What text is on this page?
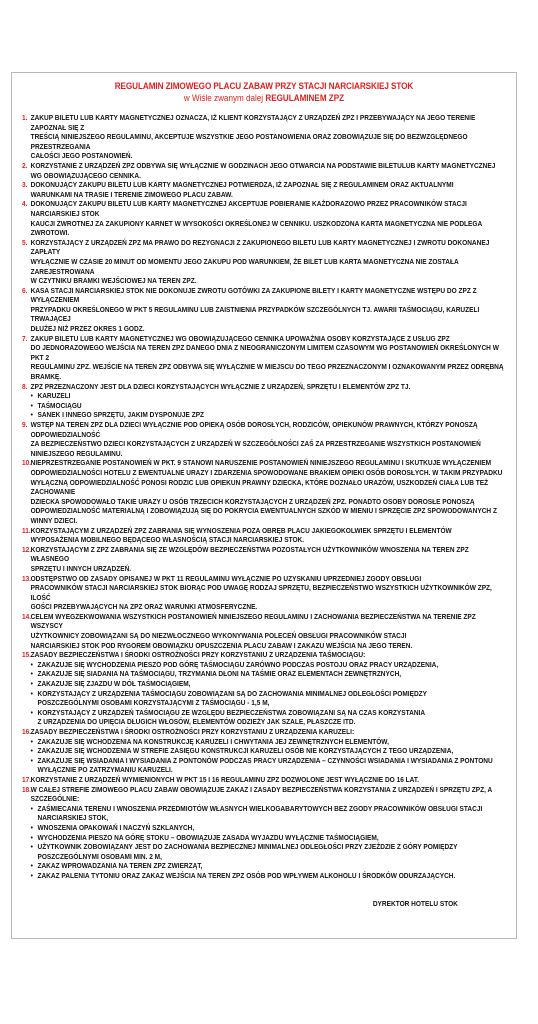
REGULAMIN ZIMOWEGO PLACU ZABAW PRZY STACJI NARCIARSKIEJ STOK
w Wiśle zwanym dalej REGULAMINEM ZPZ
1. ZAKUP BILETU LUB KARTY MAGNETYCZNEJ OZNACZA, IŻ KLIENT KORZYSTAJĄCY Z URZĄDZEŃ ZPZ I PRZEBYWAJĄCY NA JEGO TERENIE ZAPOZNAŁ SIĘ Z
TREŚCIĄ NINIEJSZEGO REGULAMINU, AKCEPTUJE WSZYSTKIE JEGO POSTANOWIENIA ORAZ ZOBOWIĄZUJE SIĘ DO BEZWZGLĘDNEGO PRZESTRZEGANIA
CAŁOŚCI JEGO POSTANOWIEŃ.
2. KORZYSTANIE Z URZĄDZEŃ ZPZ ODBYWA SIĘ WYŁĄCZNIE W GODZINACH JEGO OTWARCIA NA PODSTAWIE BILETULUB KARTY MAGNETYCZNEJ
WG OBOWIĄZUJĄCEGO CENNIKA.
3. DOKONUJĄCY ZAKUPU BILETU LUB KARTY MAGNETYCZNEJ POTWIERDZA, IŻ ZAPOZNAŁ SIĘ Z REGULAMINEM ORAZ AKTUALNYMI
WARUNKAMI NA TRASIE I TERENIE ZIMOWEGO PLACU ZABAW.
4. DOKONUJĄCY ZAKUPU BILETU LUB KARTY MAGNETYCZNEJ AKCEPTUJE POBIERANIE KAŻDORAZOWO PRZEZ PRACOWNIKÓW STACJI NARCIARSKIEJ STOK
KAUCJI ZWROTNEJ ZA ZAKUPIONY KARNET W WYSOKOŚCI OKREŚLONEJ W CENNIKU. USZKODZONA KARTA MAGNETYCZNA NIE PODLEGA ZWROTOWI.
5. KORZYSTAJĄCY Z URZĄDZEŃ ZPZ MA PRAWO DO REZYGNACJI Z ZAKUPIONEGO BILETU LUB KARTY MAGNETYCZNEJ I ZWROTU DOKONANEJ ZAPŁATY
WYŁĄCZNIE W CZASIE 20 MINUT OD MOMENTU JEGO ZAKUPU POD WARUNKIEM, ŻE BILET LUB KARTA MAGNETYCZNA NIE ZOSTAŁA ZAREJESTROWANA
W CZYTNIKU BRAMKI WEJŚCIOWEJ NA TEREN ZPZ.
6. KASA STACJI NARCIARSKIEJ STOK NIE DOKONUJE ZWROTU GOTÓWKI ZA ZAKUPIONE BILETY I KARTY MAGNETYCZNE WSTĘPU DO ZPZ Z WYŁĄCZENIEM
PRZYPADKU OKREŚLONEGO W PKT 5 REGULAMINU LUB ZAISTNIENIA PRZYPADKÓW SZCZEGÓLNYCH TJ. AWARII TAŚMOCIĄGU, KARUZELI TRWAJĄCEJ
DŁUŻEJ NIŻ PRZEZ OKRES 1 GODZ.
7. ZAKUP BILETU LUB KARTY MAGNETYCZNEJ WG OBOWIĄZUJĄCEGO CENNIKA UPOWAŻNIA OSOBY KORZYSTAJĄCE Z USŁUG ZPZ
DO JEDNORAZOWEGO WEJŚCIA NA TEREN ZPZ DANEGO DNIA Z NIEOGRANICZONYM LIMITEM CZASOWYM WG POSTANOWIEŃ OKREŚLONYCH W PKT 2
REGULAMINU ZPZ. WEJŚCIE NA TEREN ZPZ ODBYWA SIĘ WYŁĄCZNIE W MIEJSCU DO TEGO PRZEZNACZONYM I OZNAKOWANYM PRZEZ ODRĘBNĄ BRAMKĘ.
8. ZPZ PRZEZNACZONY JEST DLA DZIECI KORZYSTAJĄCYCH WYŁĄCZNIE Z URZĄDZEŃ, SPRZĘTU I ELEMENTÓW ZPZ TJ.
• KARUZELI
• TAŚMOCIĄGU
• SANEK I INNEGO SPRZĘTU, JAKIM DYSPONUJE ZPZ
9. WSTĘP NA TEREN ZPZ DLA DZIECI WYŁĄCZNIE POD OPIEKĄ OSÓB DOROSŁYCH, RODZICÓW, OPIEKUNÓW PRAWNYCH, KTÓRZY PONOSZĄ ODPOWIEDZIALNOŚĆ
ZA BEZPIECZEŃSTWO DZIECI KORZYSTAJĄCYCH Z URZĄDZEŃ W SZCZEGÓLNOŚCI ZAŚ ZA PRZESTRZEGANIE WSZYSTKICH POSTANOWIEŃ
NINIEJSZEGO REGULAMINU.
10. NIEPRZESTRZEGANIE POSTANOWIEŃ W PKT. 9 STANOWI NARUSZENIE POSTANOWIEŃ NINIEJSZEGO REGULAMINU I SKUTKUJE WYŁĄCZENIEM
ODPOWIEDZIALNOŚCI HOTELU Z EWENTUALNE URAZY I ZDARZENIA SPOWODOWANE BRAKIEM OPIEKI OSÓB DOROSŁYCH. W TAKIM PRZYPADKU
WYŁĄCZNĄ ODPOWIEDZIALNOŚĆ PONOSI RODZIC LUB OPIEKUN PRAWNY DZIECKA, KTÓRE DOZNAŁO URAZÓW, USZKODZEŃ CIAŁA LUB TEŻ ZACHOWANIE
DZIECKA SPOWODOWAŁO TAKIE URAZY U OSÓB TRZECICH KORZYSTAJĄCYCH Z URZĄDZEŃ ZPZ. PONADTO OSOBY DOROSŁE PONOSZĄ
ODPOWIEDZIALNOŚĆ MATERIALNĄ I ZOBOWIĄZUJĄ SIĘ DO POKRYCIA EWENTUALNYCH SZKÓD W MIENIU I SPRZĘCIE ZPZ SPOWODOWANYCH Z WINNY DZIECI.
11. KORZYSTAJĄCYM Z URZĄDZEŃ ZPZ ZABRANIA SIĘ WYNOSZENIA POZA OBRĘB PLACU JAKIEGOKOLWIEK SPRZĘTU I ELEMENTÓW
WYPOSAŻENIA MOBILNEGO BĘDĄCEGO WŁASNOŚCIĄ STACJI NARCIARSKIEJ STOK.
12. KORZYSTAJĄCYM Z ZPZ ZABRANIA SIĘ ZE WZGLĘDÓW BEZPIECZEŃSTWA POZOSTAŁYCH UŻYTKOWNIKÓW WNOSZENIA NA TEREN ZPZ WŁASNEGO
SPRZĘTU I INNYCH URZĄDZEŃ.
13. ODSTĘPSTWO OD ZASADY OPISANEJ W PKT 11 REGULAMINU WYŁĄCZNIE PO UZYSKANIU UPRZEDNIEJ ZGODY OBSŁUGI
PRACOWNIKÓW STACJI NARCIARSKIEJ STOK BIORĄC POD UWAGĘ RODZAJ SPRZĘTU, BEZPIECZEŃSTWO WSZYSTKICH UŻYTKOWNIKÓW ZPZ, ILOŚĆ
GOŚCI PRZEBYWAJĄCYCH NA ZPZ ORAZ WARUNKI ATMOSFERYCZNE.
14. CELEM WYEGZEKWOWANIA WSZYSTKICH POSTANOWIEŃ NINIEJSZEGO REGULAMINU I ZACHOWANIA BEZPIECZEŃSTWA NA TERENIE ZPZ WSZYSCY
UŻYTKOWNICY ZOBOWIĄZANI SĄ DO NIEZWŁOCZNEGO WYKONYWANIA POLECEŃ OBSŁUGI PRACOWNIKÓW STACJI
NARCIARSKIEJ STOK POD RYGOREM OBOWIĄZKU OPUSZCZENIA PLACU ZABAW I ZAKAZU WEJŚCIA NA JEGO TEREN.
15. ZASADY BEZPIECZEŃSTWA I ŚRODKI OSTROŻNOŚCI PRZY KORZYSTANIU Z URZĄDZENIA TAŚMOCIĄGU:
• ZAKAZUJE SIĘ WYCHODZENIA PIESZO POD GÓRĘ TAŚMOCIĄGU ZARÓWNO PODCZAS POSTOJU ORAZ PRACY URZĄDZENIA,
• ZAKAZUJE SIĘ SIADANIA NA TAŚMOCIĄGU, TRZYMANIA DŁONI NA TAŚMIE ORAZ ELEMENTACH ZEWNĘTRZNYCH,
• ZAKAZUJE SIĘ ZJAZDU W DÓŁ TAŚMOCIĄGIEM,
• KORZYSTAJĄCY Z URZĄDZENIA TAŚMOCIĄGU ZOBOWIĄZANI SĄ DO ZACHOWANIA MINIMALNEJ ODLEGŁOŚCI POMIĘDZY
POSZCZEGÓLNYMI OSOBAMI KORZYSTAJĄCYMI Z TAŚMOCIĄGU - 1,5 M,
• KORZYSTAJĄCY Z URZĄDZEŃ TAŚMOCIĄGU ZE WZGLĘDU BEZPIECZEŃSTWA ZOBOWIĄZANI SĄ NA CZAS KORZYSTANIA
Z URZĄDZENIA DO UPIĘCIA DŁUGICH WŁOSÓW, ELEMENTÓW ODZIEŻY JAK SZALE, PŁASZCZE ITD.
16. ZASADY BEZPIECZEŃSTWA I ŚRODKI OSTROŻNOŚCI PRZY KORZYSTANIU Z URZĄDZENIA KARUZELI:
• ZAKAZUJE SIĘ WCHODZENIA NA KONSTRUKCJĘ KARUZELI I CHWYTANIA JEJ ZEWNĘTRZNYCH ELEMENTÓW,
• ZAKAZUJE SIĘ WCHODZENIA W STREFIE ZASIĘGU KONSTRUKCJI KARUZELI OSÓB NIE KORZYSTAJĄCYCH Z TEGO URZĄDZENIA,
• ZAKAZUJE SIĘ WSIADANIA I WYSIADANIA Z PONTONÓW PODCZAS PRACY URZĄDZENIA – CZYNNOŚCI WSIADANIA I WYSIADANIA Z PONTONU
WYŁĄCZNIE PO ZATRZYMANIU KARUZELI.
17. KORZYSTANIE Z URZĄDZEŃ WYMIENIONYCH W PKT 15 I 16 REGULAMINU ZPZ DOZWOLONE JEST WYŁĄCZNIE DO 16 LAT.
18. W CAŁEJ STREFIE ZIMOWEGO PLACU ZABAW OBOWIĄZUJE ZAKAZ I ZASADY BEZPIECZEŃSTWA KORZYSTANIA Z URZĄDZEŃ I SPRZĘTU ZPZ, A SZCZEGÓLNIE:
• ZAŚMIECANIA TERENU I WNOSZENIA PRZEDMIOTÓW WŁASNYCH WIELKOGABARYTOWYCH BEZ ZGODY PRACOWNIKÓW OBSŁUGI STACJI NARCIARSKIEJ STOK,
• WNOSZENIA OPAKOWAŃ I NACZYŃ SZKLANYCH,
• WYCHODZENIA PIESZO NA GÓRĘ STOKU – OBOWIĄZUJE ZASADA WYJAZDU WYŁĄCZNIE TAŚMOCIĄGIEM,
• UŻYTKOWNIK ZOBOWIĄZANY JEST DO ZACHOWANIA BEZPIECZNEJ MINIMALNEJ ODLEGŁOŚCI PRZY ZJEŹDZIE Z GÓRY POMIĘDZY
POSZCZEGÓLNYMI OSOBAMI MIN. 2 M,
• ZAKAZ WPROWADZANIA NA TEREN ZPZ ZWIERZĄT,
• ZAKAZ PALENIA TYTONIU ORAZ ZAKAZ WEJŚCIA NA TEREN ZPZ OSÓB POD WPŁYWEM ALKOHOLU I ŚRODKÓW ODURZAJĄCYCH.
DYREKTOR HOTELU STOK
